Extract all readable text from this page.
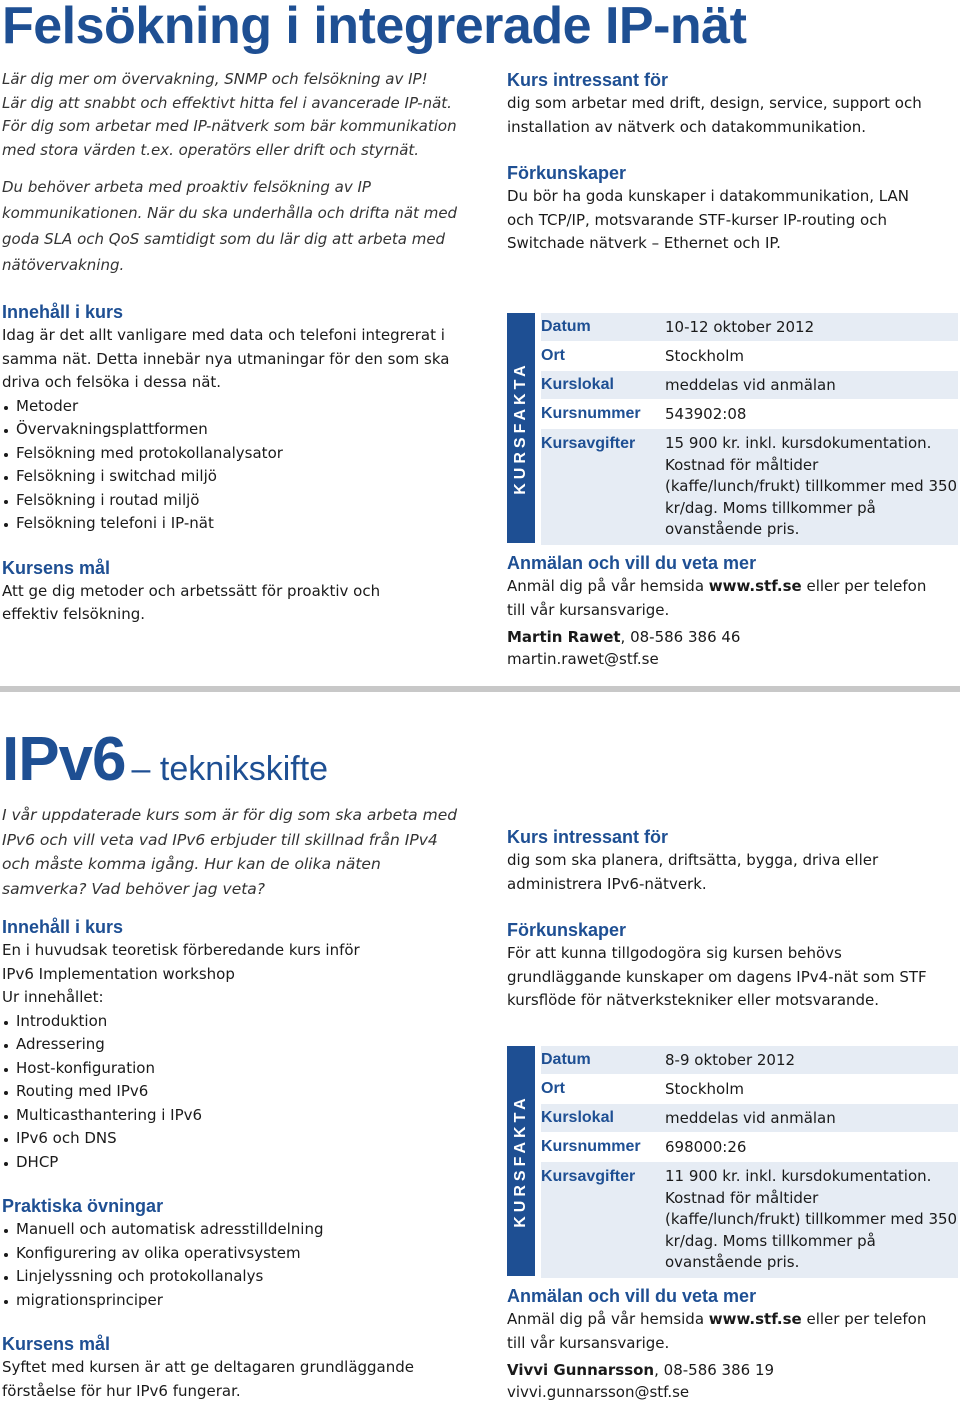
Felsökning i integrerade IP-nät

Lär dig mer om övervakning, SNMP och felsökning av IP!

Lär dig att snabbt och effektivt hitta fel i avancerade IP-nät. För dig som arbetar med IP-nätverk som bär kommunikation med stora värden t.ex. operatörs eller drift och styrnät.

Du behöver arbeta med proaktiv felsökning av IP kommunikationen. När du ska underhålla och drifta nät med goda SLA och QoS samtidigt som du lär dig att arbeta med nätövervakning.

Innehåll i kurs

Idag är det allt vanligare med data och telefoni integrerat i samma nät. Detta innebär nya utmaningar för den som ska driva och felsöka i dessa nät.

Metoder
Övervakningsplattformen
Felsökning med protokollanalysator
Felsökning i switchad miljö
Felsökning i routad miljö
Felsökning telefoni i IP-nät
Kursens mål

Att ge dig metoder och arbetssätt för proaktiv och effektiv felsökning.

Kurs intressant för

dig som arbetar med drift, design, service, support och installation av nätverk och datakommunikation.

Förkunskaper

Du bör ha goda kunskaper i datakommunikation, LAN och TCP/IP, motsvarande STF-kurser IP-routing och Switchade nätverk – Ethernet och IP.

KURSFAKTA
Datum	10-12 oktober 2012
Ort	Stockholm
Kurslokal	meddelas vid anmälan
Kursnummer	543902:08
Kursavgifter	15 900 kr. inkl. kursdokumentation. Kostnad för måltider (kaffe/lunch/frukt) tillkommer med 350 kr/dag. Moms tillkommer på ovanstående pris.
Anmälan och vill du veta mer

Anmäl dig på vår hemsida www.stf.se eller per telefon till vår kursansvarige.

Martin Rawet, 08-586 386 46

martin.rawet@stf.se

IPv6 – teknikskifte

I vår uppdaterade kurs som är för dig som ska arbeta med IPv6 och vill veta vad IPv6 erbjuder till skillnad från IPv4 och måste komma igång. Hur kan de olika näten samverka? Vad behöver jag veta?

Innehåll i kurs

En i huvudsak teoretisk förberedande kurs inför IPv6 Implementation workshop

Ur innehållet:

Introduktion
Adressering
Host-konfiguration
Routing med IPv6
Multicasthantering i IPv6
IPv6 och DNS
DHCP
Praktiska övningar
Manuell och automatisk adresstilldelning
Konfigurering av olika operativsystem
Linjelyssning och protokollanalys
migrationsprinciper
Kursens mål

Syftet med kursen är att ge deltagaren grundläggande förståelse för hur IPv6 fungerar.

Kurs intressant för

dig som ska planera, driftsätta, bygga, driva eller administrera IPv6-nätverk.

Förkunskaper

För att kunna tillgodogöra sig kursen behövs grundläggande kunskaper om dagens IPv4-nät som STF kursflöde för nätverkstekniker eller motsvarande.

KURSFAKTA
Datum	8-9 oktober 2012
Ort	Stockholm
Kurslokal	meddelas vid anmälan
Kursnummer	698000:26
Kursavgifter	11 900 kr. inkl. kursdokumentation. Kostnad för måltider (kaffe/lunch/frukt) tillkommer med 350 kr/dag. Moms tillkommer på ovanstående pris.
Anmälan och vill du veta mer

Anmäl dig på vår hemsida www.stf.se eller per telefon till vår kursansvarige.

Vivvi Gunnarsson, 08-586 386 19

vivvi.gunnarsson@stf.se
